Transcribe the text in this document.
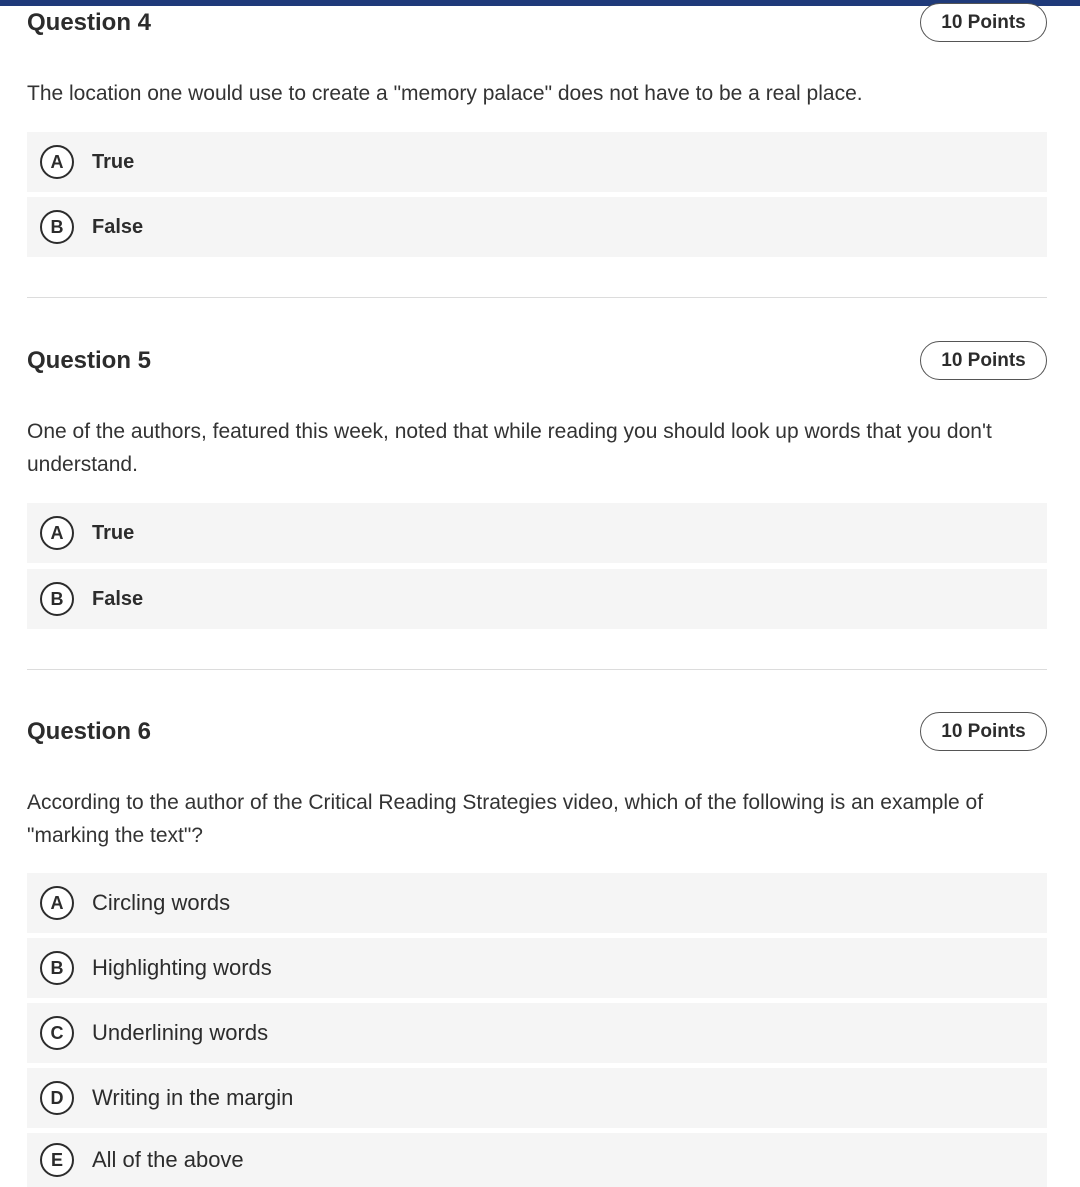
Question 4	10 Points
The location one would use to create a "memory palace" does not have to be a real place.
A	True
B	False
Question 5	10 Points
One of the authors, featured this week, noted that while reading you should look up words that you don't understand.
A	True
B	False
Question 6	10 Points
According to the author of the Critical Reading Strategies video, which of the following is an example of "marking the text"?
A	Circling words
B	Highlighting words
C	Underlining words
D	Writing in the margin
E	All of the above
